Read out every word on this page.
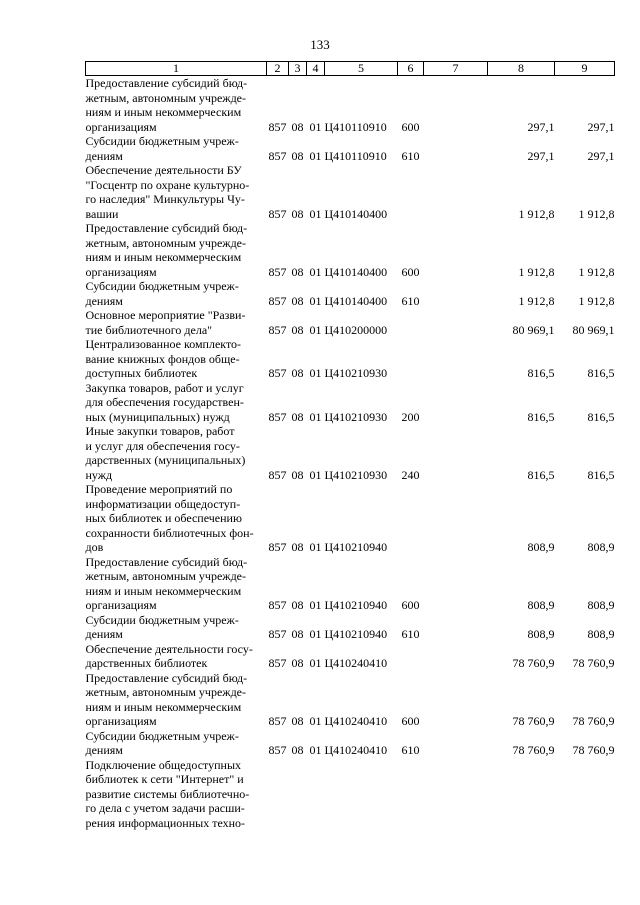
133
1	2	3	4	5	6	7	8	9

Предоставление субсидий бюд-
жетным, автономным учрежде-
ниям и иным некоммерческим
организациям	857	08	01	Ц410110910	600		297,1	297,1

Субсидии бюджетным учреж-
дениям	857	08	01	Ц410110910	610		297,1	297,1

Обеспечение деятельности БУ
"Госцентр по охране культурно-
го наследия" Минкультуры Чу-
вашии	857	08	01	Ц410140400			1 912,8	1 912,8

Предоставление субсидий бюд-
жетным, автономным учрежде-
ниям и иным некоммерческим
организациям	857	08	01	Ц410140400	600		1 912,8	1 912,8

Субсидии бюджетным учреж-
дениям	857	08	01	Ц410140400	610		1 912,8	1 912,8

Основное мероприятие "Разви-
тие библиотечного дела"	857	08	01	Ц410200000			80 969,1	80 969,1

Централизованное комплекто-
вание книжных фондов обще-
доступных библиотек	857	08	01	Ц410210930			816,5	816,5

Закупка товаров, работ и услуг
для обеспечения государствен-
ных (муниципальных) нужд	857	08	01	Ц410210930	200		816,5	816,5

Иные закупки товаров, работ
и услуг для обеспечения госу-
дарственных (муниципальных)
нужд	857	08	01	Ц410210930	240		816,5	816,5

Проведение мероприятий по
информатизации общедоступ-
ных библиотек и обеспечению
сохранности библиотечных фон-
дов	857	08	01	Ц410210940			808,9	808,9

Предоставление субсидий бюд-
жетным, автономным учрежде-
ниям и иным некоммерческим
организациям	857	08	01	Ц410210940	600		808,9	808,9

Субсидии бюджетным учреж-
дениям	857	08	01	Ц410210940	610		808,9	808,9

Обеспечение деятельности госу-
дарственных библиотек	857	08	01	Ц410240410			78 760,9	78 760,9

Предоставление субсидий бюд-
жетным, автономным учрежде-
ниям и иным некоммерческим
организациям	857	08	01	Ц410240410	600		78 760,9	78 760,9

Субсидии бюджетным учреж-
дениям	857	08	01	Ц410240410	610		78 760,9	78 760,9

Подключение общедоступных
библиотек к сети "Интернет" и
развитие системы библиотечно-
го дела с учетом задачи расши-
рения информационных техно-								
